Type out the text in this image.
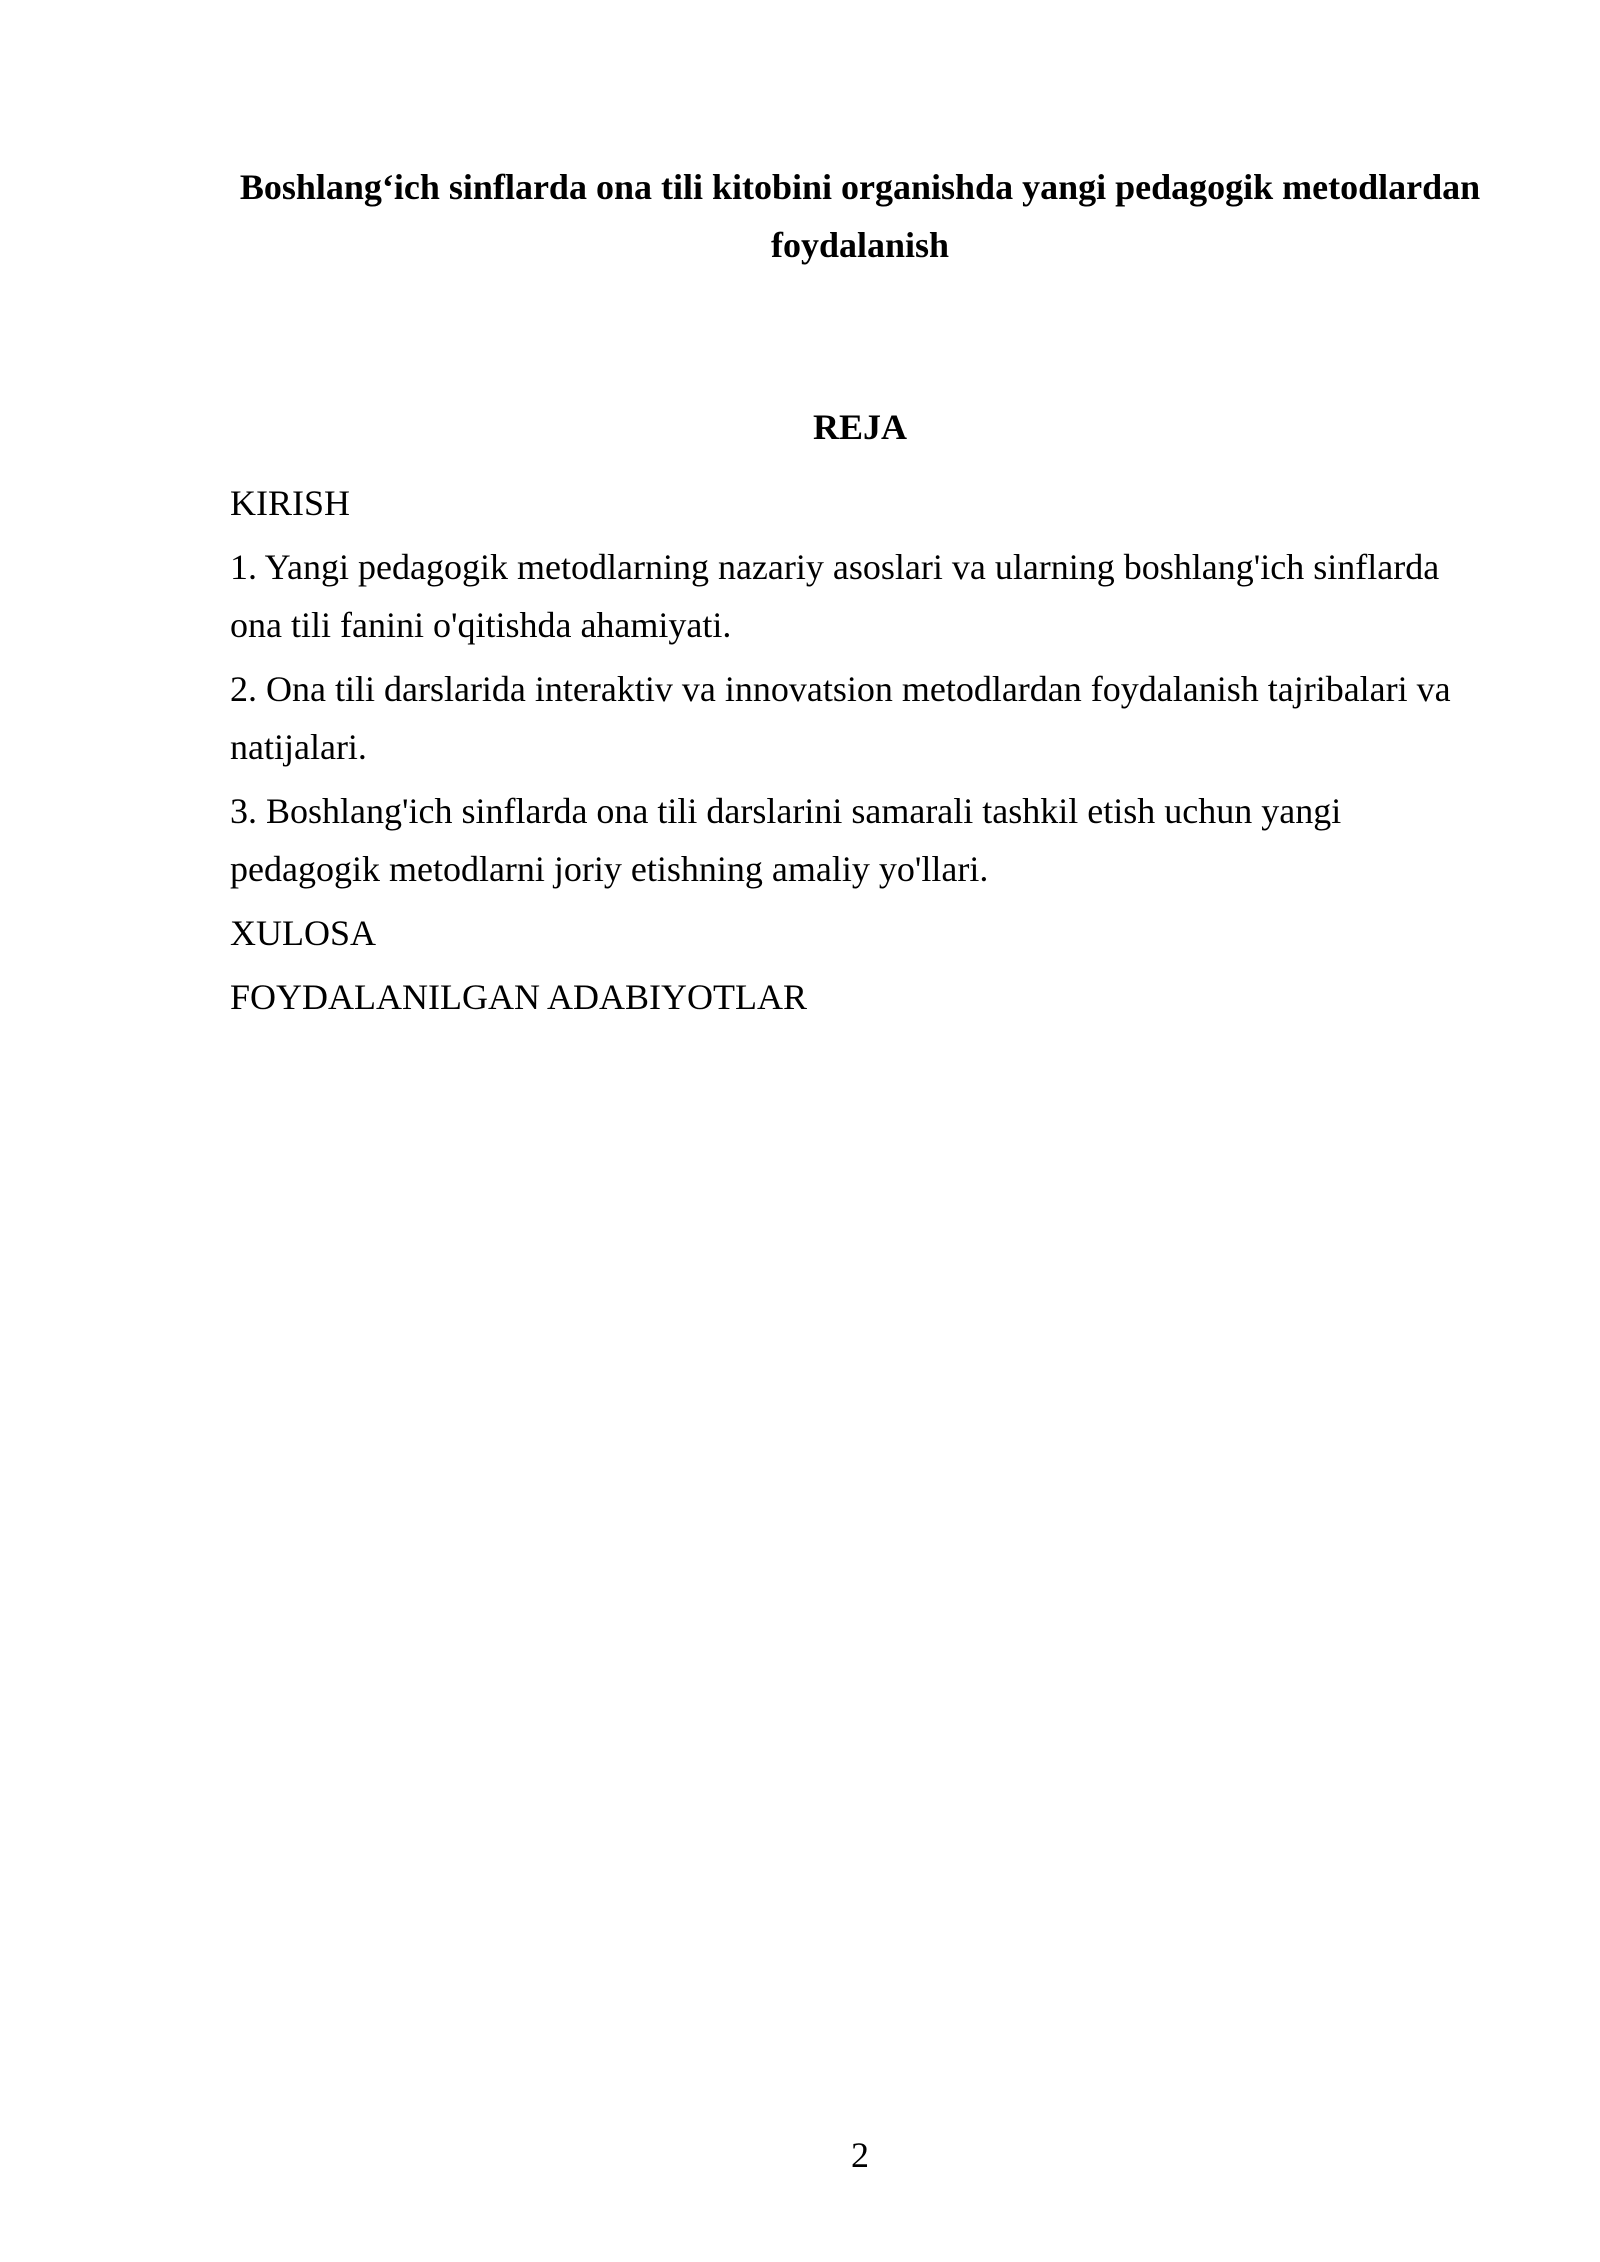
Boshlang‘ich sinflarda ona tili kitobini organishda yangi pedagogik metodlardan foydalanish
REJA
KIRISH
1. Yangi pedagogik metodlarning nazariy asoslari va ularning boshlang'ich sinflarda ona tili fanini o'qitishda ahamiyati.
2. Ona tili darslarida interaktiv va innovatsion metodlardan foydalanish tajribalari va natijalari.
3. Boshlang'ich sinflarda ona tili darslarini samarali tashkil etish uchun yangi pedagogik metodlarni joriy etishning amaliy yo'llari.
XULOSA
FOYDALANILGAN ADABIYOTLAR
2
